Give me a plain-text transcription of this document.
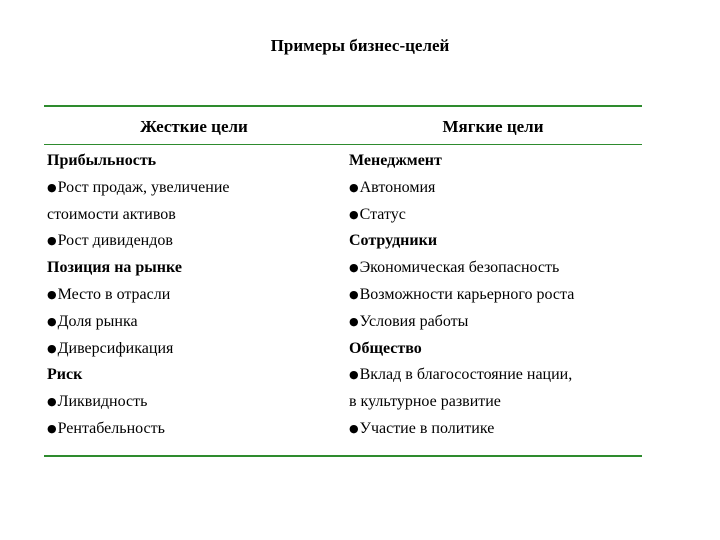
Примеры бизнес-целей
Жесткие цели	Мягкие цели
Прибыльность
●Рост продаж, увеличение
стоимости активов
●Рост дивидендов
Позиция на рынке
●Место в отрасли
●Доля рынка
●Диверсификация
Риск
●Ликвидность
●Рентабельность
Менеджмент
●Автономия
●Статус
Сотрудники
●Экономическая безопасность
●Возможности карьерного роста
●Условия работы
Общество
●Вклад в благосостояние нации,
в культурное развитие
●Участие в политике
